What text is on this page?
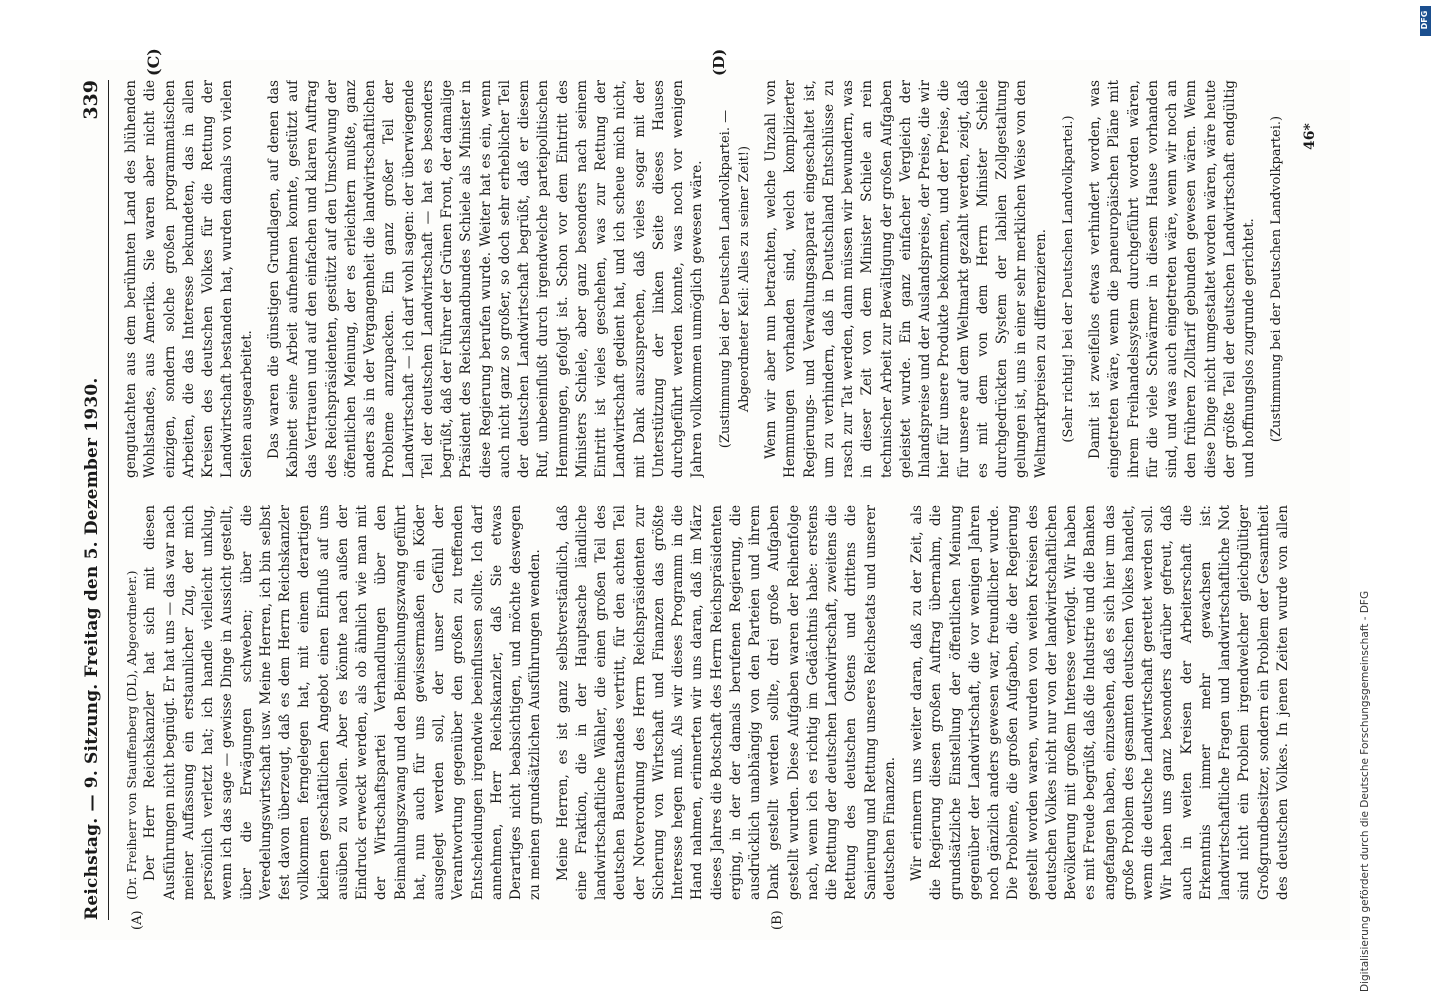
Reichstag. — 9. Sitzung. Freitag den 5. Dezember 1930.
339
(A)	(B)
(C)	(D)

(Dr. Freiherr von Stauffenberg (DL), Abgeordneter.) Der Herr Reichskanzler hat sich mit diesen Ausführungen nicht begnügt. Er hat uns — das war nach meiner Auffassung ein erstaunlicher Zug, der mich persönlich verletzt hat; ich handle vielleicht unklug, wenn ich das sage — gewisse Dinge in Aussicht gestellt, über die Erwägungen schweben; über die Veredelungswirtschaft usw. Meine Herren, ich bin selbst fest davon überzeugt, daß es dem Herrn Reichskanzler vollkommen ferngelegen hat, mit einem derartigen kleinen geschäftlichen Angebot einen Einfluß auf uns ausüben zu wollen. Aber es könnte nach außen der Eindruck erweckt werden, als ob ähnlich wie man mit der Wirtschaftspartei Verhandlungen über den Beimahlungszwang und den Beimischungszwang geführt hat, nun auch für uns gewissermaßen ein Köder ausgelegt werden soll, der unser Gefühl der Verantwortung gegenüber den großen zu treffenden Entscheidungen irgendwie beeinflussen sollte. Ich darf annehmen, Herr Reichskanzler, daß Sie etwas Derartiges nicht beabsichtigen, und möchte deswegen zu meinen grundsätzlichen Ausführungen wenden. Meine Herren, es ist ganz selbstverständlich, daß eine Fraktion, die in der Hauptsache ländliche landwirtschaftliche Wähler, die einen großen Teil des deutschen Bauernstandes vertritt, für den achten Teil der Notverordnung des Herrn Reichspräsidenten zur Sicherung von Wirtschaft und Finanzen das größte Interesse hegen muß. Als wir dieses Programm in die Hand nahmen, erinnerten wir uns daran, daß im März dieses Jahres die Botschaft des Herrn Reichspräsidenten erging, in der der damals berufenen Regierung, die ausdrücklich unabhängig von den Parteien und ihrem Dank gestellt werden sollte, drei große Aufgaben gestellt wurden. Diese Aufgaben waren der Reihenfolge nach, wenn ich es richtig im Gedächtnis habe: erstens die Rettung der deutschen Landwirtschaft, zweitens die Rettung des deutschen Ostens und drittens die Sanierung und Rettung unseres Reichsetats und unserer deutschen Finanzen. Wir erinnern uns weiter daran, daß zu der Zeit, als die Regierung diesen großen Auftrag übernahm, die grundsätzliche Einstellung der öffentlichen Meinung gegenüber der Landwirtschaft, die vor wenigen Jahren noch gänzlich anders gewesen war, freundlicher wurde. Die Probleme, die großen Aufgaben, die der Regierung gestellt worden waren, wurden von weiten Kreisen des deutschen Volkes nicht nur von der landwirtschaftlichen Bevölkerung mit großem Interesse verfolgt. Wir haben es mit Freude begrüßt, daß die Industrie und die Banken angefangen haben, einzusehen, daß es sich hier um das große Problem des gesamten deutschen Volkes handelt, wenn die deutsche Landwirtschaft gerettet werden soll. Wir haben uns ganz besonders darüber gefreut, daß auch in weiten Kreisen der Arbeiterschaft die Erkenntnis immer mehr gewachsen ist: landwirtschaftliche Fragen und landwirtschaftliche Not sind nicht ein Problem irgendwelcher gleichgültiger Großgrundbesitzer, sondern ein Problem der Gesamtheit des deutschen Volkes. In jenen Zeiten wurde von allen

gengutachten aus dem berühmten Land des blühenden Wohlstandes, aus Amerika. Sie waren aber nicht die einzigen, sondern solche großen programmatischen Arbeiten, die das Interesse bekundeten, das in allen Kreisen des deutschen Volkes für die Rettung der Landwirtschaft bestanden hat, wurden damals von vielen Seiten ausgearbeitet. Das waren die günstigen Grundlagen, auf denen das Kabinett seine Arbeit aufnehmen konnte, gestützt auf das Vertrauen und auf den einfachen und klaren Auftrag des Reichspräsidenten, gestützt auf den Umschwung der öffentlichen Meinung, der es erleichtern mußte, ganz anders als in der Vergangenheit die landwirtschaftlichen Probleme anzupacken. Ein ganz großer Teil der Landwirtschaft — ich darf wohl sagen: der überwiegende Teil der deutschen Landwirtschaft — hat es besonders begrüßt, daß der Führer der Grünen Front, der damalige Präsident des Reichslandbundes Schiele als Minister in diese Regierung berufen wurde. Weiter hat es ein, wenn auch nicht ganz so großer, so doch sehr erheblicher Teil der deutschen Landwirtschaft begrüßt, daß er diesem Ruf, unbeeinflußt durch irgendwelche parteipolitischen Hemmungen, gefolgt ist. Schon vor dem Eintritt des Ministers Schiele, aber ganz besonders nach seinem Eintritt ist vieles geschehen, was zur Rettung der Landwirtschaft gedient hat, und ich scheue mich nicht, mit Dank auszusprechen, daß vieles sogar mit der Unterstützung der linken Seite dieses Hauses durchgeführt werden konnte, was noch vor wenigen Jahren vollkommen unmöglich gewesen wäre. (Zustimmung bei der Deutschen Landvolkpartei. — Abgeordneter Keil: Alles zu seiner Zeit!) Wenn wir aber nun betrachten, welche Unzahl von Hemmungen vorhanden sind, welch komplizierter Regierungs- und Verwaltungsapparat eingeschaltet ist, um zu verhindern, daß in Deutschland Entschlüsse zu rasch zur Tat werden, dann müssen wir bewundern, was in dieser Zeit von dem Minister Schiele an rein technischer Arbeit zur Bewältigung der großen Aufgaben geleistet wurde. Ein ganz einfacher Vergleich der Inlandspreise und der Auslandspreise, der Preise, die wir hier für unsere Produkte bekommen, und der Preise, die für unsere auf dem Weltmarkt gezahlt werden, zeigt, daß es mit dem von dem Herrn Minister Schiele durchgedrückten System der labilen Zollgestaltung gelungen ist, uns in einer sehr merklichen Weise von den Weltmarktpreisen zu differenzieren. (Sehr richtig! bei der Deutschen Landvolkpartei.) Damit ist zweifellos etwas verhindert worden, was eingetreten wäre, wenn die paneuropäischen Pläne mit ihrem Freihandelssystem durchgeführt worden wären, für die viele Schwärmer in diesem Hause vorhanden sind, und was auch eingetreten wäre, wenn wir noch an den früheren Zolltarif gebunden gewesen wären. Wenn diese Dinge nicht umgestaltet worden wären, wäre heute der größte Teil der deutschen Landwirtschaft endgültig und hoffnungslos zugrunde gerichtet. (Zustimmung bei der Deutschen Landvolkpartei.) 46*
Digitalisierung gefördert durch die Deutsche Forschungsgemeinschaft - DFG
DFG
